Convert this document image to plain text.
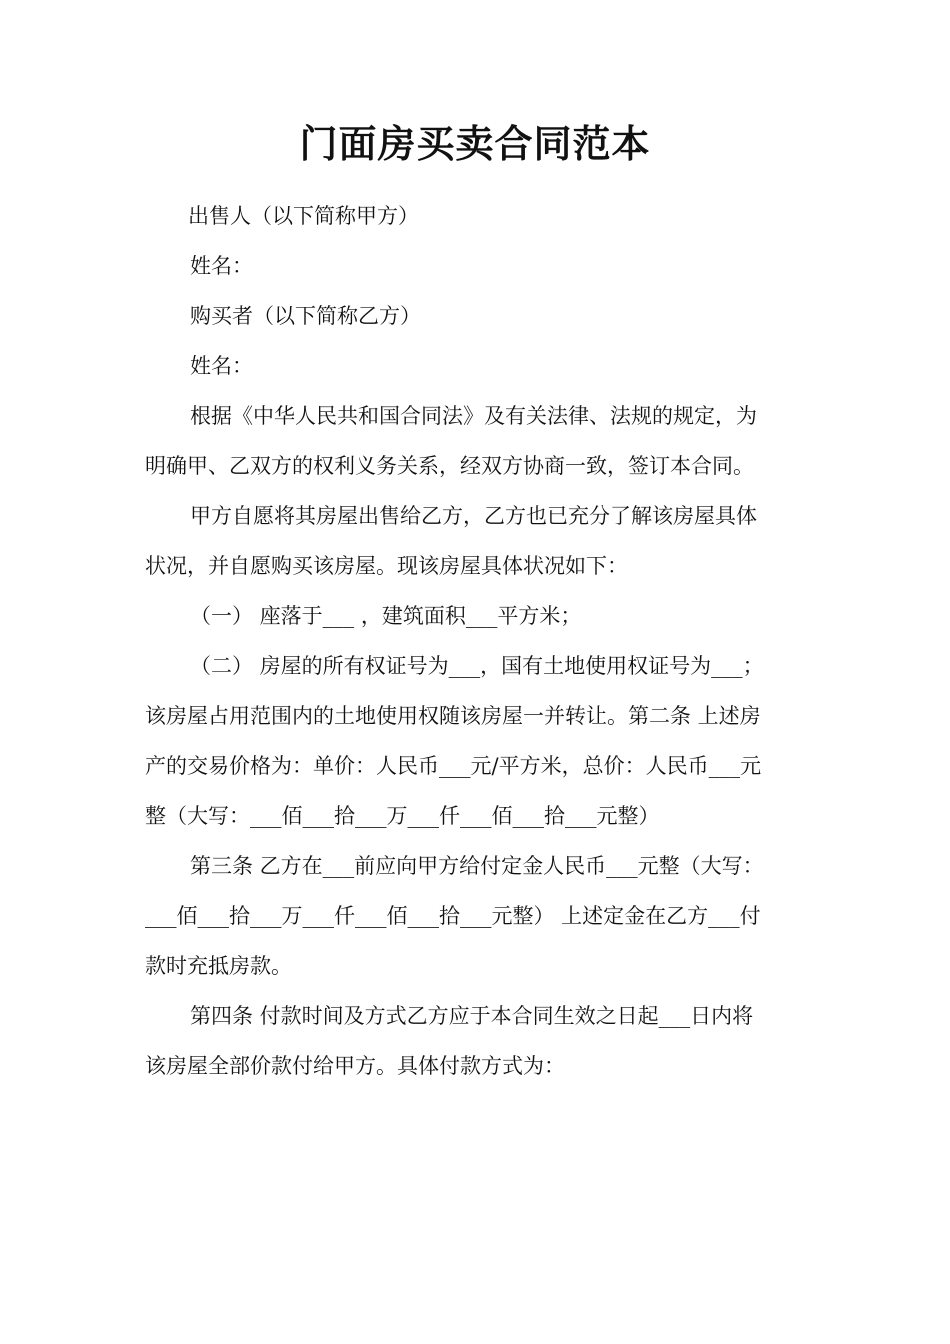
门面房买卖合同范本
出售人（以下简称甲方）
姓名：
购买者（以下简称乙方）
姓名：
根据《中华人民共和国合同法》及有关法律、法规的规定，为
明确甲、乙双方的权利义务关系，经双方协商一致，签订本合同。
甲方自愿将其房屋出售给乙方，乙方也已充分了解该房屋具体
状况，并自愿购买该房屋。现该房屋具体状况如下：
（一） 座落于___ ，建筑面积___平方米；
（二） 房屋的所有权证号为___，国有土地使用权证号为___；
该房屋占用范围内的土地使用权随该房屋一并转让。第二条 上述房
产的交易价格为：单价：人民币___元/平方米，总价：人民币___元
整（大写：___佰___拾___万___仟___佰___拾___元整）
第三条 乙方在___前应向甲方给付定金人民币___元整（大写：
___佰___拾___万___仟___佰___拾___元整） 上述定金在乙方___付
款时充抵房款。
第四条 付款时间及方式乙方应于本合同生效之日起___日内将
该房屋全部价款付给甲方。具体付款方式为：
